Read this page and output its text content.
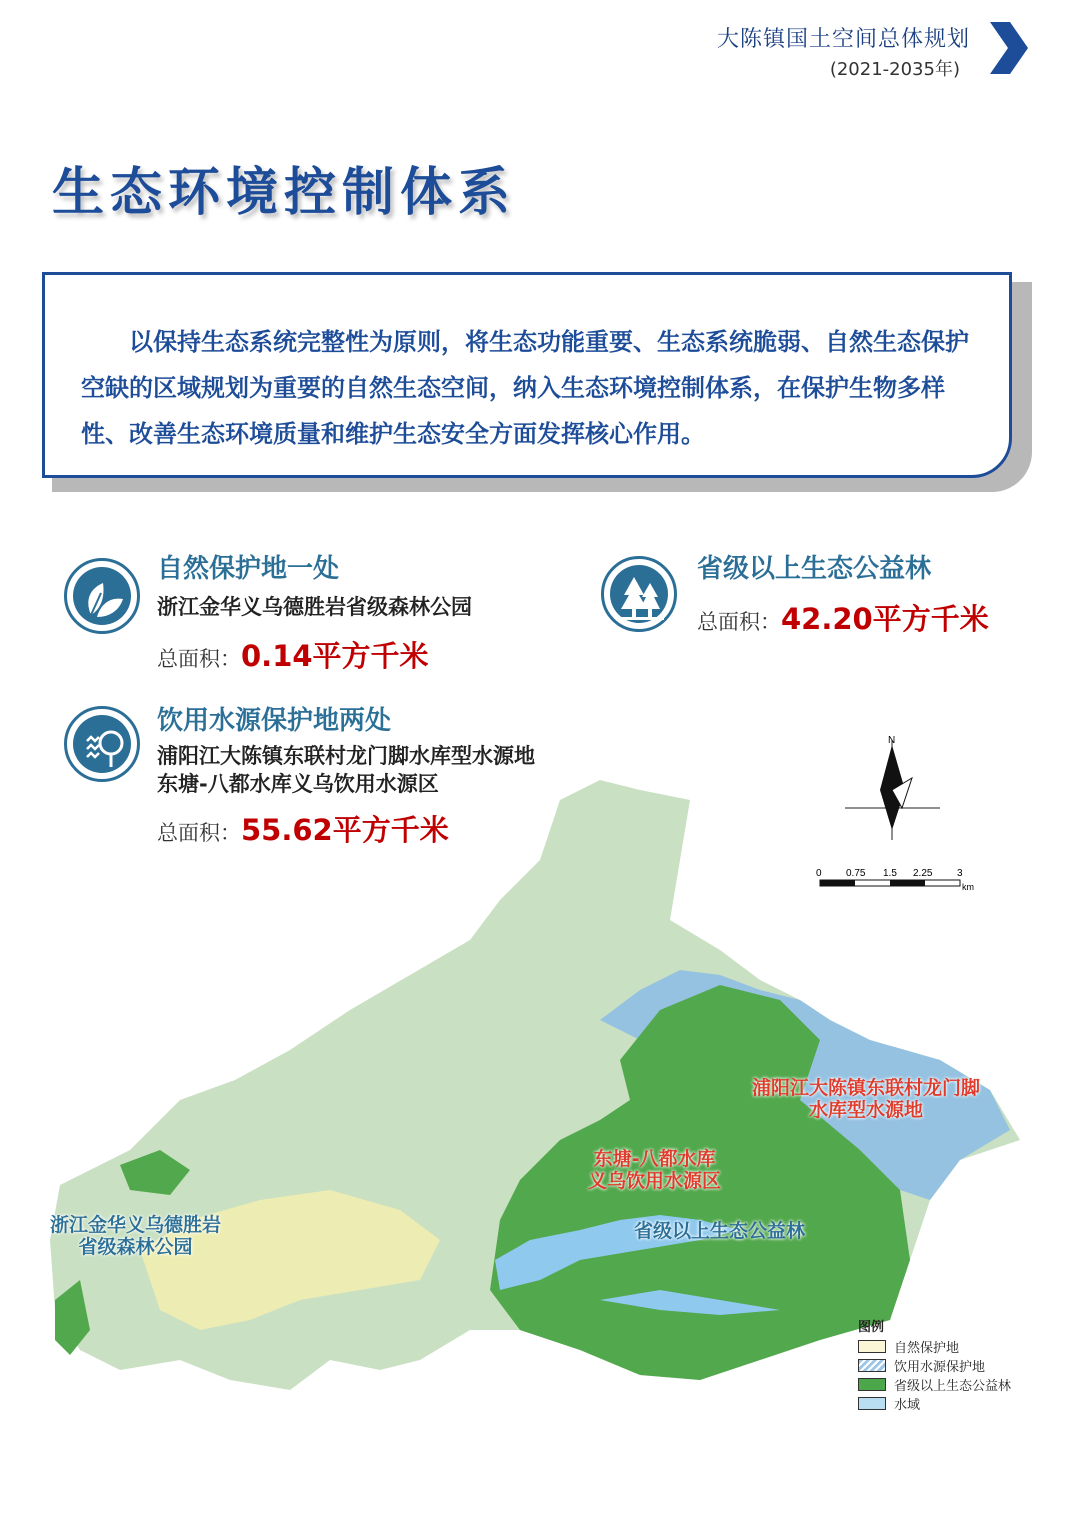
大陈镇国土空间总体规划
(2021-2035年)
生态环境控制体系

以保持生态系统完整性为原则，将生态功能重要、生态系统脆弱、自然生态保护空缺的区域规划为重要的自然生态空间，纳入生态环境控制体系，在保护生物多样性、改善生态环境质量和维护生态安全方面发挥核心作用。

自然保护地一处
浙江金华义乌德胜岩省级森林公园
总面积：0.14平方千米
省级以上生态公益林
总面积：42.20平方千米
饮用水源保护地两处
浦阳江大陈镇东联村龙门脚水库型水源地
东塘-八都水库义乌饮用水源区
总面积：55.62平方千米
N
0 0.75 1.5 2.25 3
km
浙江金华义乌德胜岩
省级森林公园
浦阳江大陈镇东联村龙门脚
水库型水源地
东塘-八都水库
义乌饮用水源区
省级以上生态公益林
图例
自然保护地
饮用水源保护地
省级以上生态公益林
水域
